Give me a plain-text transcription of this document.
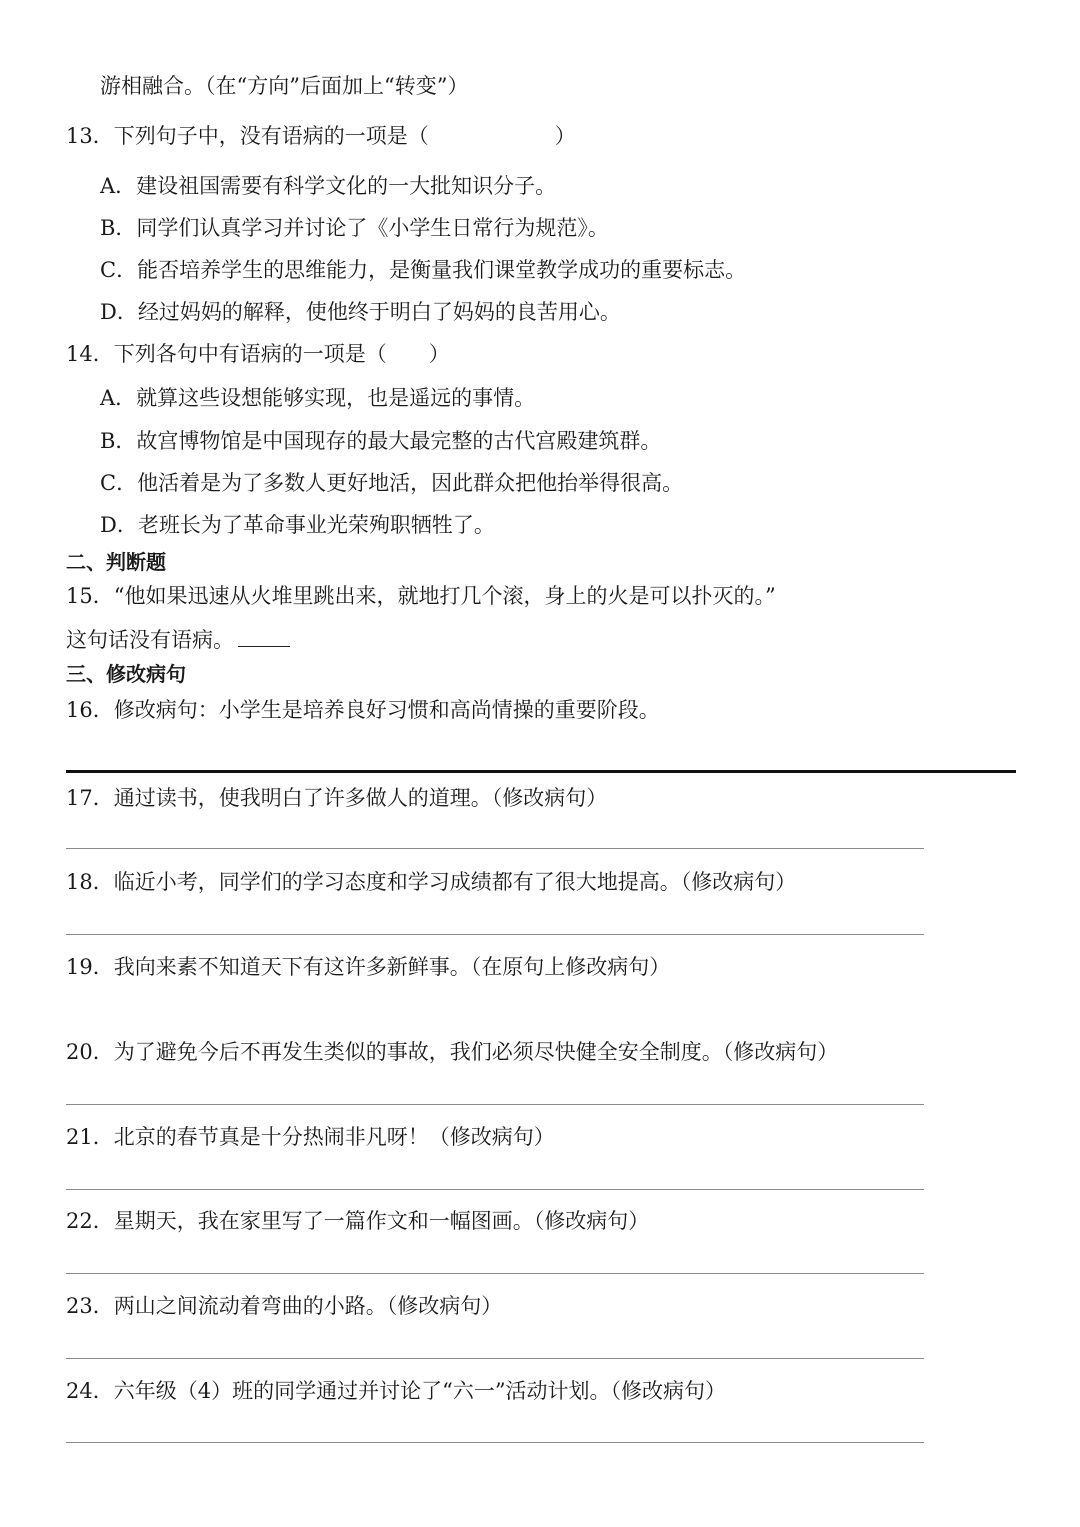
游相融合。（在“方向”后面加上“转变”）
13．下列句子中，没有语病的一项是（　　　　　　）
A．建设祖国需要有科学文化的一大批知识分子。
B．同学们认真学习并讨论了《小学生日常行为规范》。
C．能否培养学生的思维能力，是衡量我们课堂教学成功的重要标志。
D．经过妈妈的解释，使他终于明白了妈妈的良苦用心。
14．下列各句中有语病的一项是（　　）
A．就算这些设想能够实现，也是遥远的事情。
B．故宫博物馆是中国现存的最大最完整的古代宫殿建筑群。
C．他活着是为了多数人更好地活，因此群众把他抬举得很高。
D．老班长为了革命事业光荣殉职牺牲了。
二、判断题
15．“他如果迅速从火堆里跳出来，就地打几个滚，身上的火是可以扑灭的。”
这句话没有语病。
三、修改病句
16．修改病句：小学生是培养良好习惯和高尚情操的重要阶段。
17．通过读书，使我明白了许多做人的道理。（修改病句）
18．临近小考，同学们的学习态度和学习成绩都有了很大地提高。（修改病句）
19．我向来素不知道天下有这许多新鲜事。（在原句上修改病句）
20．为了避免今后不再发生类似的事故，我们必须尽快健全安全制度。（修改病句）
21．北京的春节真是十分热闹非凡呀！（修改病句）
22．星期天，我在家里写了一篇作文和一幅图画。（修改病句）
23．两山之间流动着弯曲的小路。（修改病句）
24．六年级（4）班的同学通过并讨论了“六一”活动计划。（修改病句）
